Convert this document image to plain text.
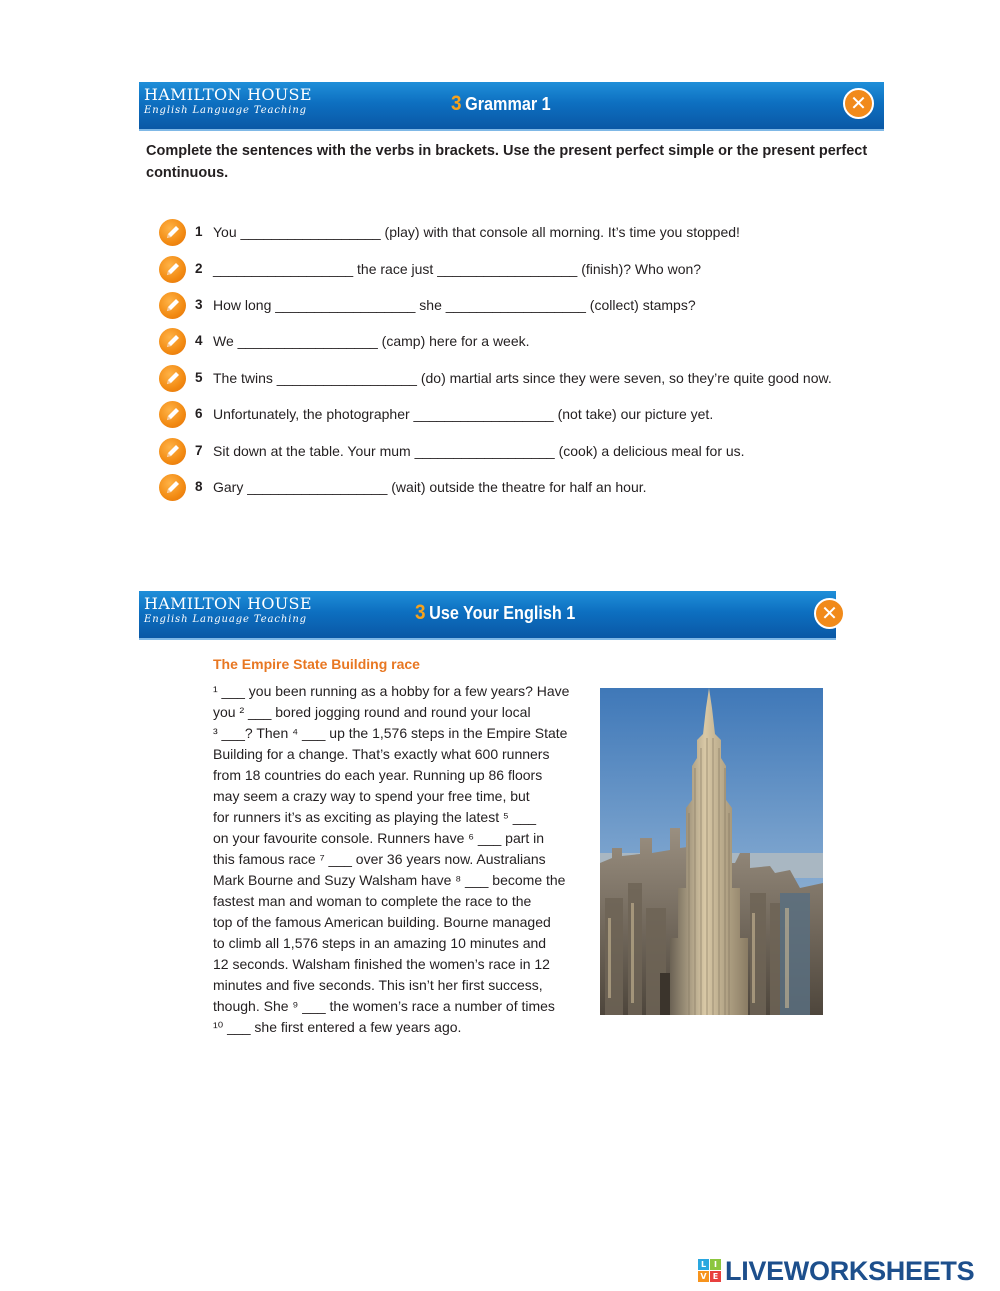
HAMILTON HOUSE
English Language Teaching	3 Grammar 1	✕
Complete the sentences with the verbs in brackets. Use the present perfect simple or the present perfect continuous.
1 You __________________ (play) with that console all morning. It’s time you stopped!
2 __________________ the race just __________________ (finish)? Who won?
3 How long __________________ she __________________ (collect) stamps?
4 We __________________ (camp) here for a week.
5 The twins __________________ (do) martial arts since they were seven, so they’re quite good now.
6 Unfortunately, the photographer __________________ (not take) our picture yet.
7 Sit down at the table. Your mum __________________ (cook) a delicious meal for us.
8 Gary __________________ (wait) outside the theatre for half an hour.
HAMILTON HOUSE
English Language Teaching	3 Use Your English 1	✕
The Empire State Building race
¹ ___ you been running as a hobby for a few years? Have
you ² ___ bored jogging round and round your local
³ ___? Then ⁴ ___ up the 1,576 steps in the Empire State
Building for a change. That’s exactly what 600 runners
from 18 countries do each year. Running up 86 floors
may seem a crazy way to spend your free time, but
for runners it’s as exciting as playing the latest ⁵ ___
on your favourite console. Runners have ⁶ ___ part in
this famous race ⁷ ___ over 36 years now. Australians
Mark Bourne and Suzy Walsham have ⁸ ___ become the
fastest man and woman to complete the race to the
top of the famous American building. Bourne managed
to climb all 1,576 steps in an amazing 10 minutes and
12 seconds. Walsham finished the women’s race in 12
minutes and five seconds. This isn’t her first success,
though. She ⁹ ___ the women’s race a number of times
¹⁰ ___ she first entered a few years ago.
L I
V E LIVEWORKSHEETS
